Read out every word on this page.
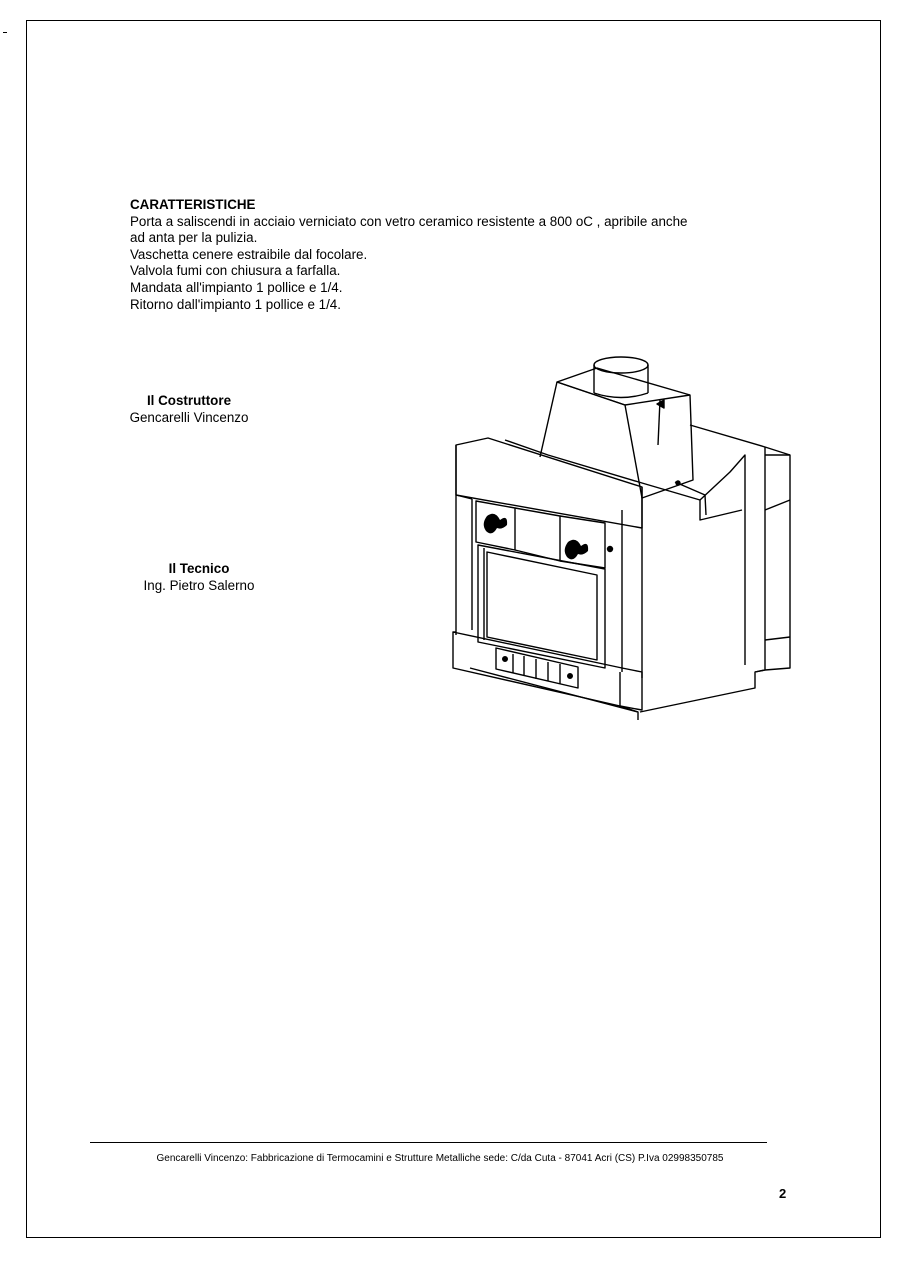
CARATTERISTICHE

Porta a saliscendi in acciaio verniciato con vetro ceramico resistente a 800 oC , apribile anche

ad anta per la pulizia.

Vaschetta cenere estraibile dal focolare.

Valvola fumi con chiusura a farfalla.

Mandata all'impianto 1 pollice e 1/4.

Ritorno dall'impianto 1 pollice e 1/4.

Il Costruttore
Gencarelli Vincenzo
Il Tecnico
Ing. Pietro Salerno
Gencarelli Vincenzo: Fabbricazione di Termocamini e Strutture Metalliche sede: C/da Cuta - 87041 Acri (CS) P.Iva 02998350785
2
